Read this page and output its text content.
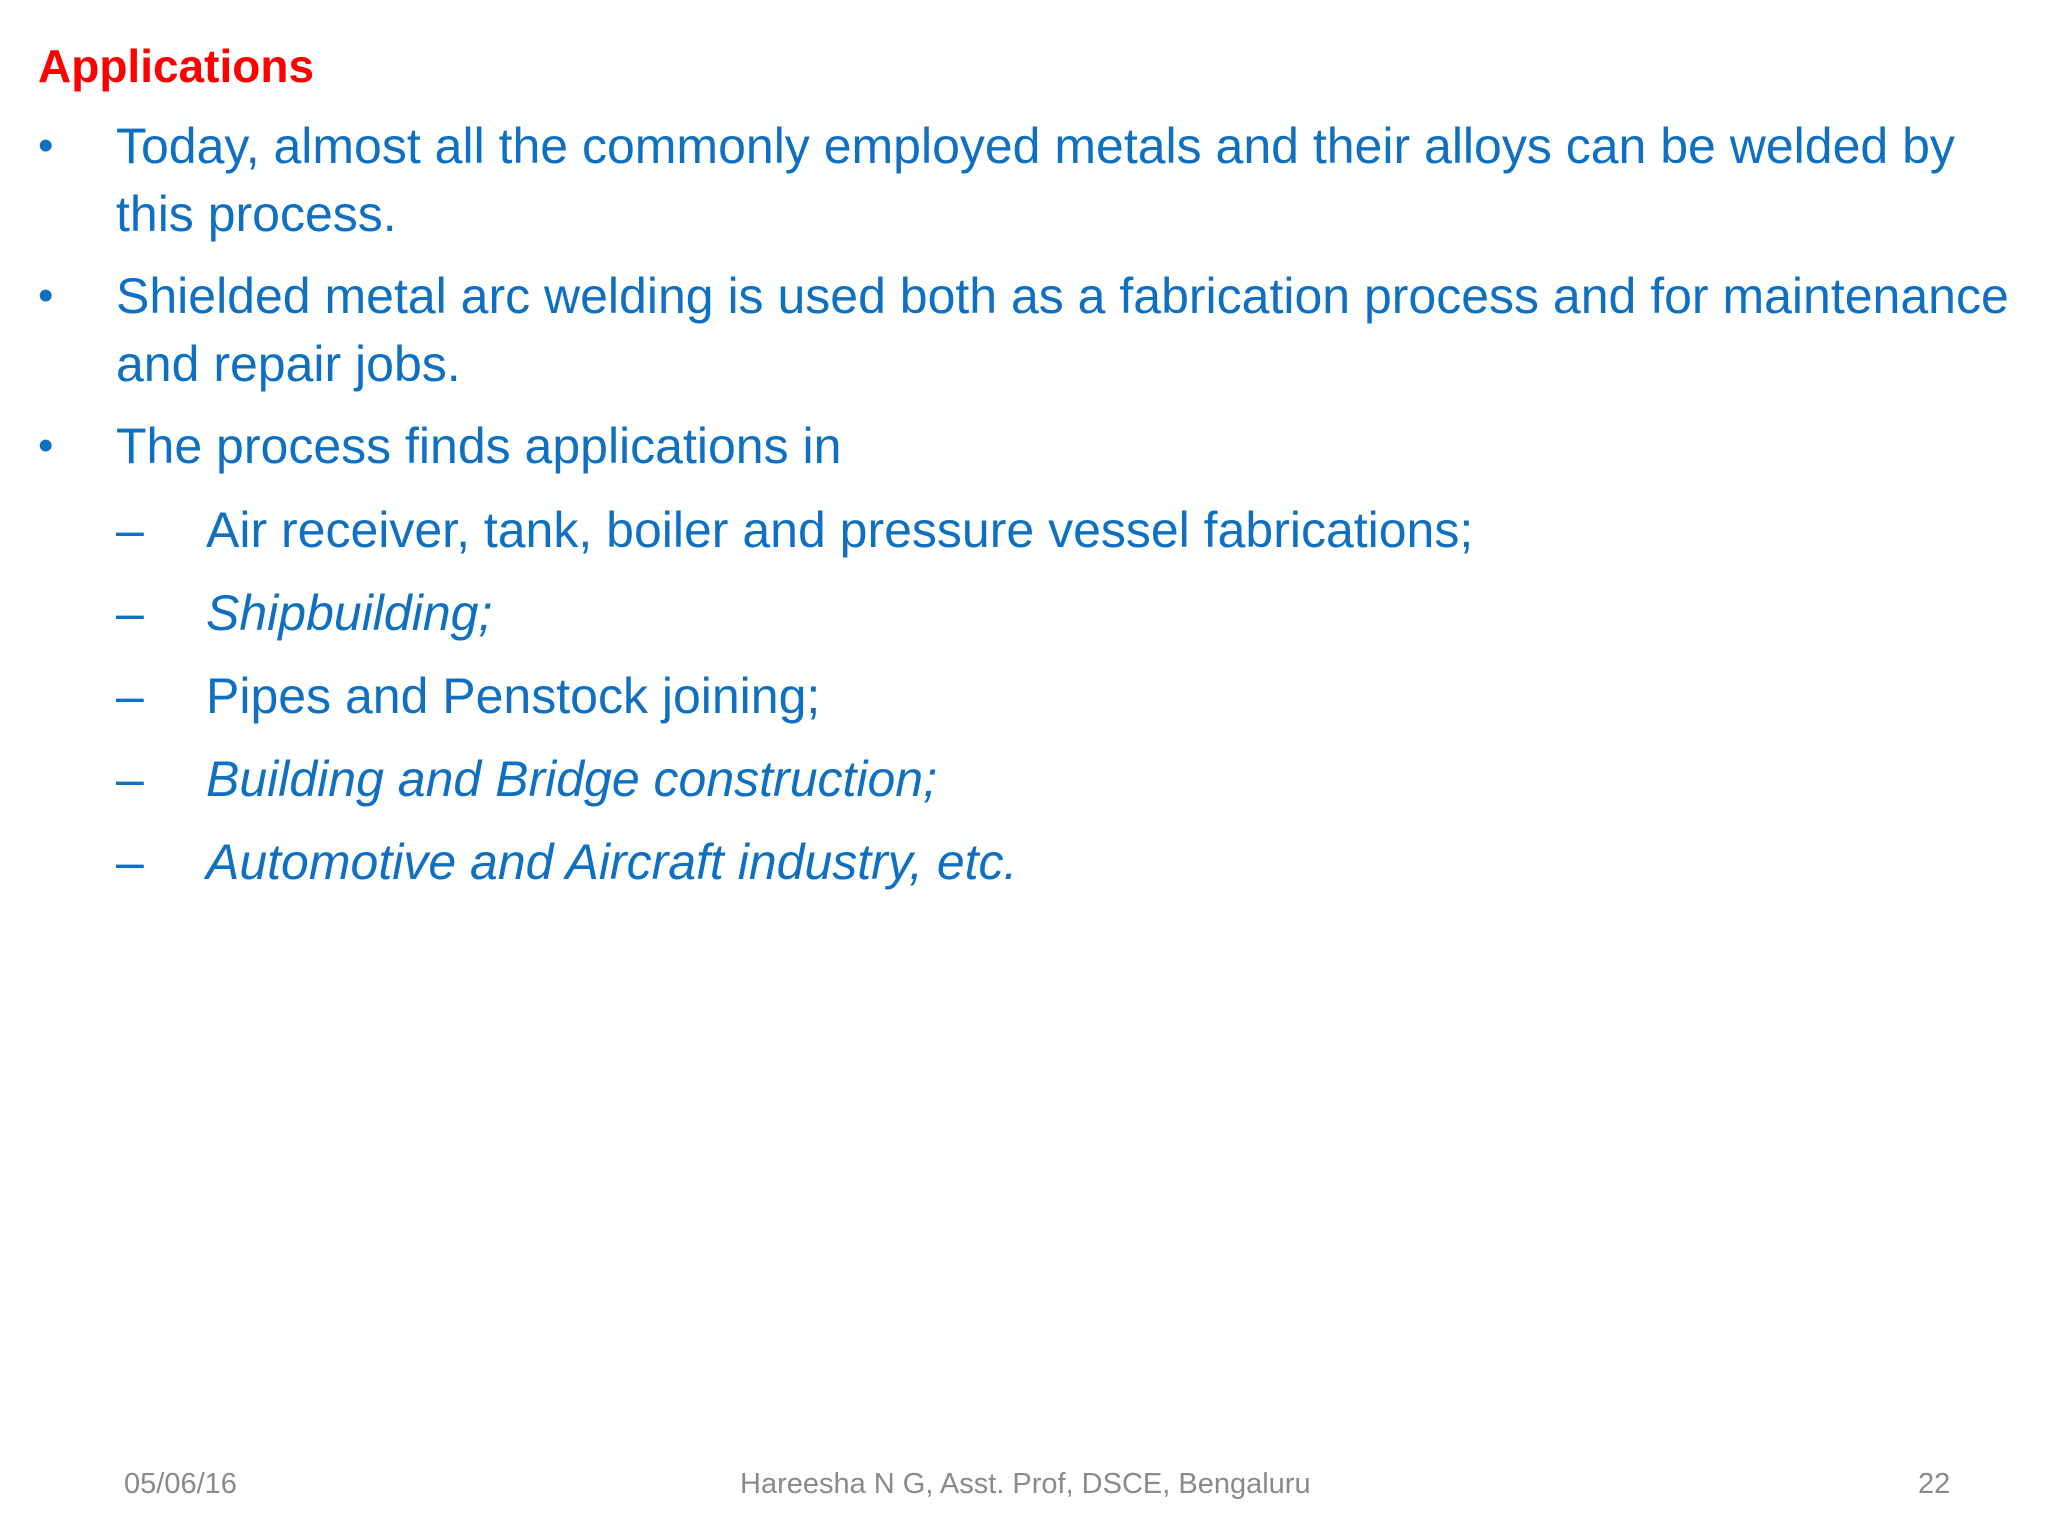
Applications
•	Today, almost all the commonly employed metals and their alloys can be welded by this process.
•	Shielded metal arc welding is used both as a fabrication process and for maintenance and repair jobs.
•	The process finds applications in
–	Air receiver, tank, boiler and pressure vessel fabrications;
–	Shipbuilding;
–	Pipes and Penstock joining;
–	Building and Bridge construction;
–	Automotive and Aircraft industry, etc.
05/06/16	Hareesha N G, Asst. Prof, DSCE, Bengaluru	22
